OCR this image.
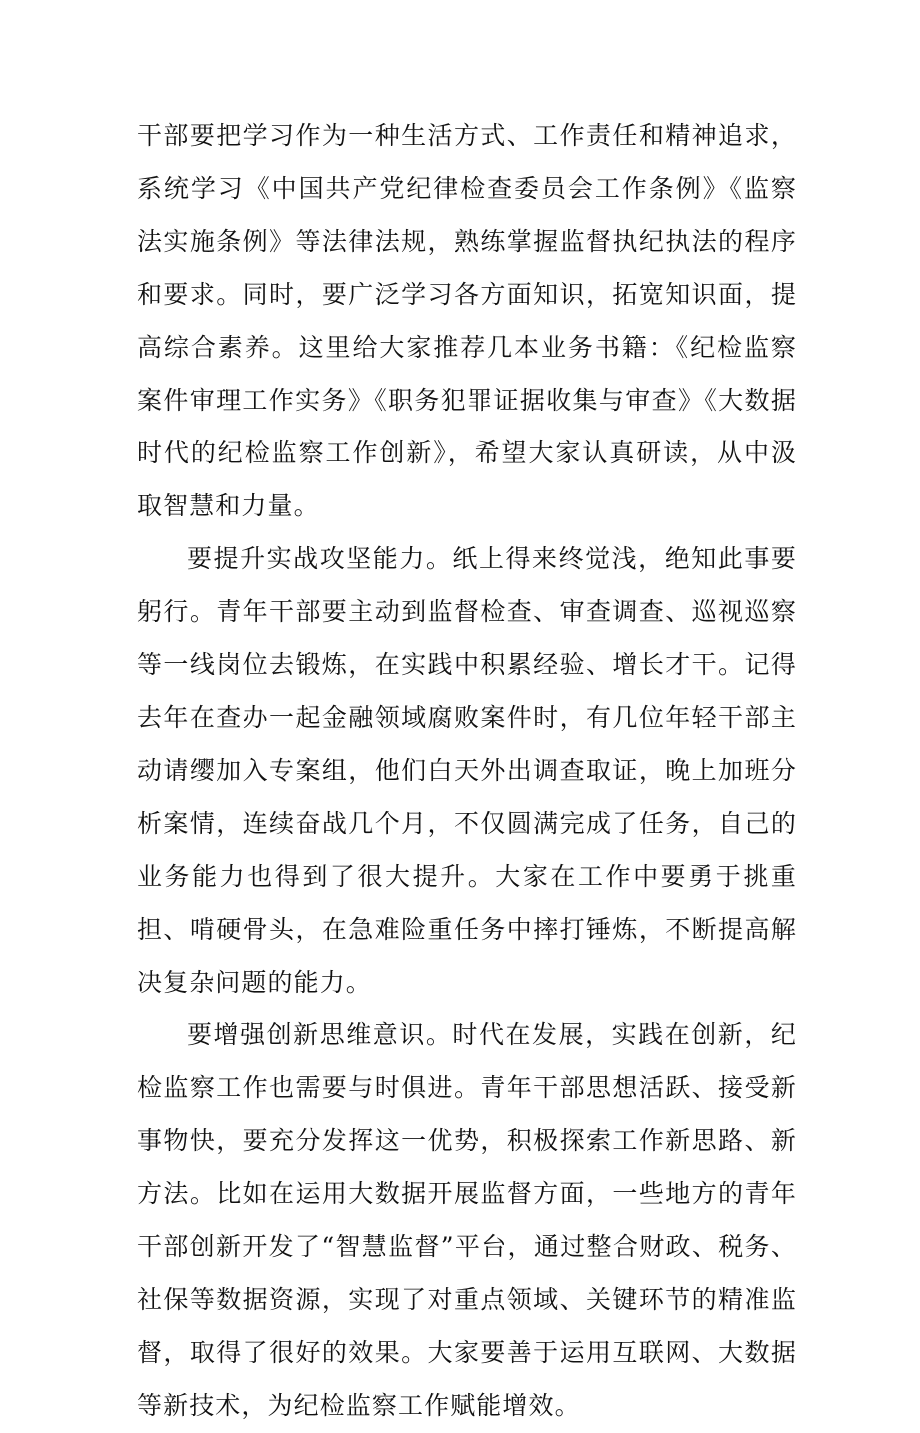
干部要把学习作为一种生活方式、工作责任和精神追求，系统学习《中国共产党纪律检查委员会工作条例》《监察法实施条例》等法律法规，熟练掌握监督执纪执法的程序和要求。同时，要广泛学习各方面知识，拓宽知识面，提高综合素养。这里给大家推荐几本业务书籍：《纪检监察案件审理工作实务》《职务犯罪证据收集与审查》《大数据时代的纪检监察工作创新》，希望大家认真研读，从中汲取智慧和力量。

要提升实战攻坚能力。纸上得来终觉浅，绝知此事要躬行。青年干部要主动到监督检查、审查调查、巡视巡察等一线岗位去锻炼，在实践中积累经验、增长才干。记得去年在查办一起金融领域腐败案件时，有几位年轻干部主动请缨加入专案组，他们白天外出调查取证，晚上加班分析案情，连续奋战几个月，不仅圆满完成了任务，自己的业务能力也得到了很大提升。大家在工作中要勇于挑重担、啃硬骨头，在急难险重任务中摔打锤炼，不断提高解决复杂问题的能力。

要增强创新思维意识。时代在发展，实践在创新，纪检监察工作也需要与时俱进。青年干部思想活跃、接受新事物快，要充分发挥这一优势，积极探索工作新思路、新方法。比如在运用大数据开展监督方面，一些地方的青年干部创新开发了“智慧监督”平台，通过整合财政、税务、社保等数据资源，实现了对重点领域、关键环节的精准监督，取得了很好的效果。大家要善于运用互联网、大数据等新技术，为纪检监察工作赋能增效。
